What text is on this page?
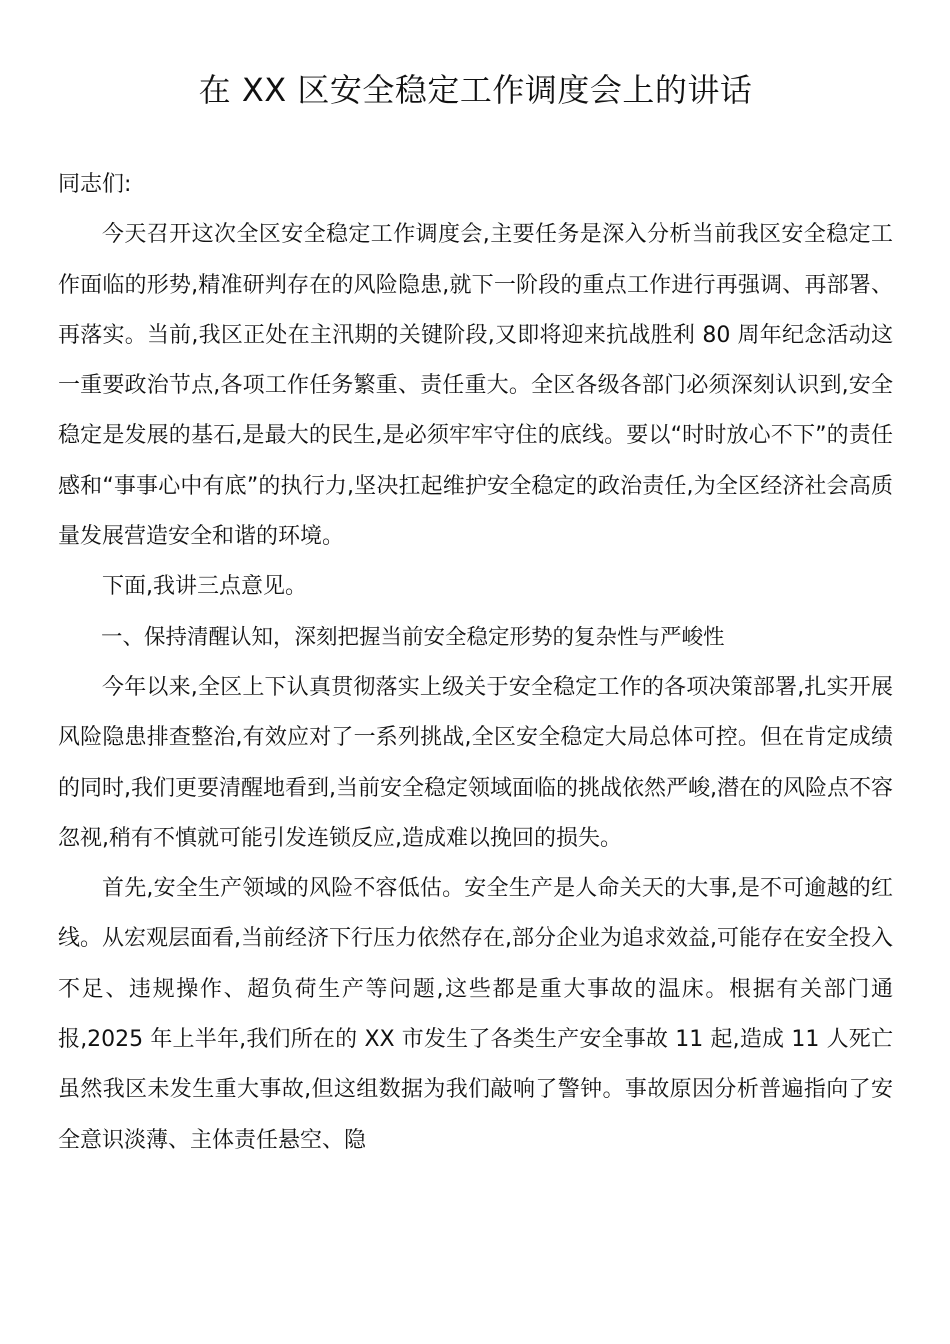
在 XX 区安全稳定工作调度会上的讲话

同志们:

今天召开这次全区安全稳定工作调度会,主要任务是深入分析当前我区安全稳定工作面临的形势,精准研判存在的风险隐患,就下一阶段的重点工作进行再强调、再部署、再落实。当前,我区正处在主汛期的关键阶段,又即将迎来抗战胜利 80 周年纪念活动这一重要政治节点,各项工作任务繁重、责任重大。全区各级各部门必须深刻认识到,安全稳定是发展的基石,是最大的民生,是必须牢牢守住的底线。要以“时时放心不下”的责任感和“事事心中有底”的执行力,坚决扛起维护安全稳定的政治责任,为全区经济社会高质量发展营造安全和谐的环境。

下面,我讲三点意见。

一、保持清醒认知，深刻把握当前安全稳定形势的复杂性与严峻性

今年以来,全区上下认真贯彻落实上级关于安全稳定工作的各项决策部署,扎实开展风险隐患排查整治,有效应对了一系列挑战,全区安全稳定大局总体可控。但在肯定成绩的同时,我们更要清醒地看到,当前安全稳定领域面临的挑战依然严峻,潜在的风险点不容忽视,稍有不慎就可能引发连锁反应,造成难以挽回的损失。

首先,安全生产领域的风险不容低估。安全生产是人命关天的大事,是不可逾越的红线。从宏观层面看,当前经济下行压力依然存在,部分企业为追求效益,可能存在安全投入不足、违规操作、超负荷生产等问题,这些都是重大事故的温床。根据有关部门通报,2025 年上半年,我们所在的 XX 市发生了各类生产安全事故 11 起,造成 11 人死亡虽然我区未发生重大事故,但这组数据为我们敲响了警钟。事故原因分析普遍指向了安全意识淡薄、主体责任悬空、隐
